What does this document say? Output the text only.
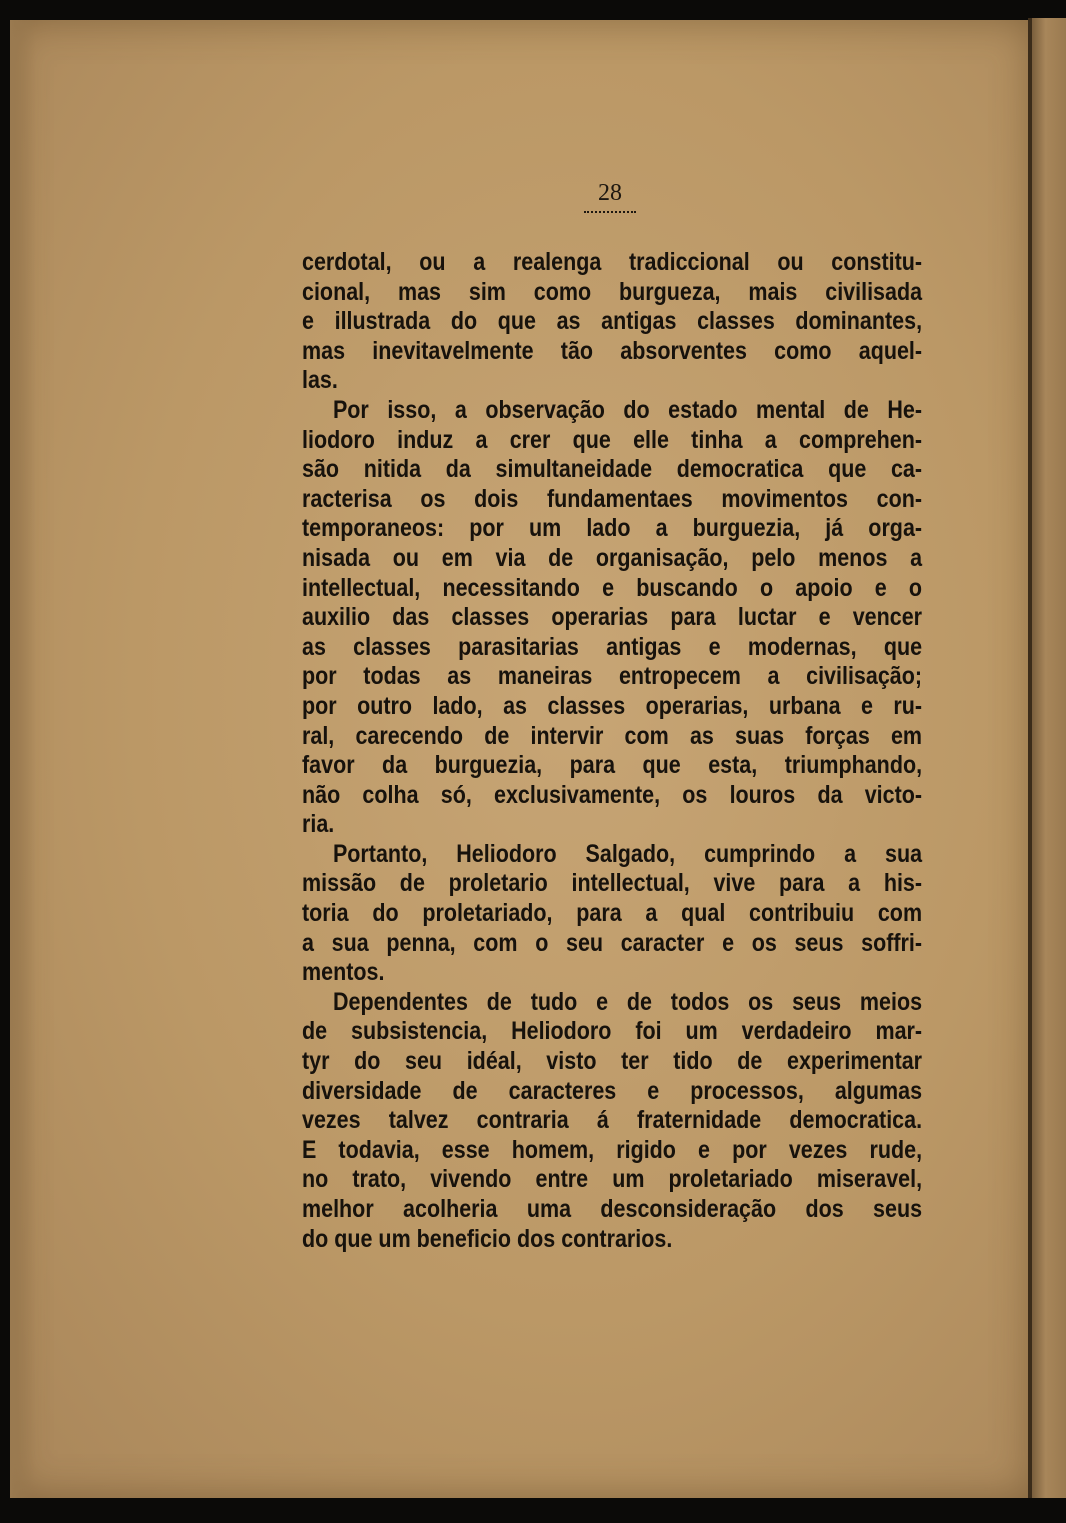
28
cerdotal, ou a realenga tradiccional ou constitu-
cional, mas sim como burgueza, mais civilisada
e illustrada do que as antigas classes dominantes,
mas inevitavelmente tão absorventes como aquel-
las.
Por isso, a observação do estado mental de He-
liodoro induz a crer que elle tinha a comprehen-
são nitida da simultaneidade democratica que ca-
racterisa os dois fundamentaes movimentos con-
temporaneos: por um lado a burguezia, já orga-
nisada ou em via de organisação, pelo menos a
intellectual, necessitando e buscando o apoio e o
auxilio das classes operarias para luctar e vencer
as classes parasitarias antigas e modernas, que
por todas as maneiras entropecem a civilisação;
por outro lado, as classes operarias, urbana e ru-
ral, carecendo de intervir com as suas forças em
favor da burguezia, para que esta, triumphando,
não colha só, exclusivamente, os louros da victo-
ria.
Portanto, Heliodoro Salgado, cumprindo a sua
missão de proletario intellectual, vive para a his-
toria do proletariado, para a qual contribuiu com
a sua penna, com o seu caracter e os seus soffri-
mentos.
Dependentes de tudo e de todos os seus meios
de subsistencia, Heliodoro foi um verdadeiro mar-
tyr do seu idéal, visto ter tido de experimentar
diversidade de caracteres e processos, algumas
vezes talvez contraria á fraternidade democratica.
E todavia, esse homem, rigido e por vezes rude,
no trato, vivendo entre um proletariado miseravel,
melhor acolheria uma desconsideração dos seus
do que um beneficio dos contrarios.
